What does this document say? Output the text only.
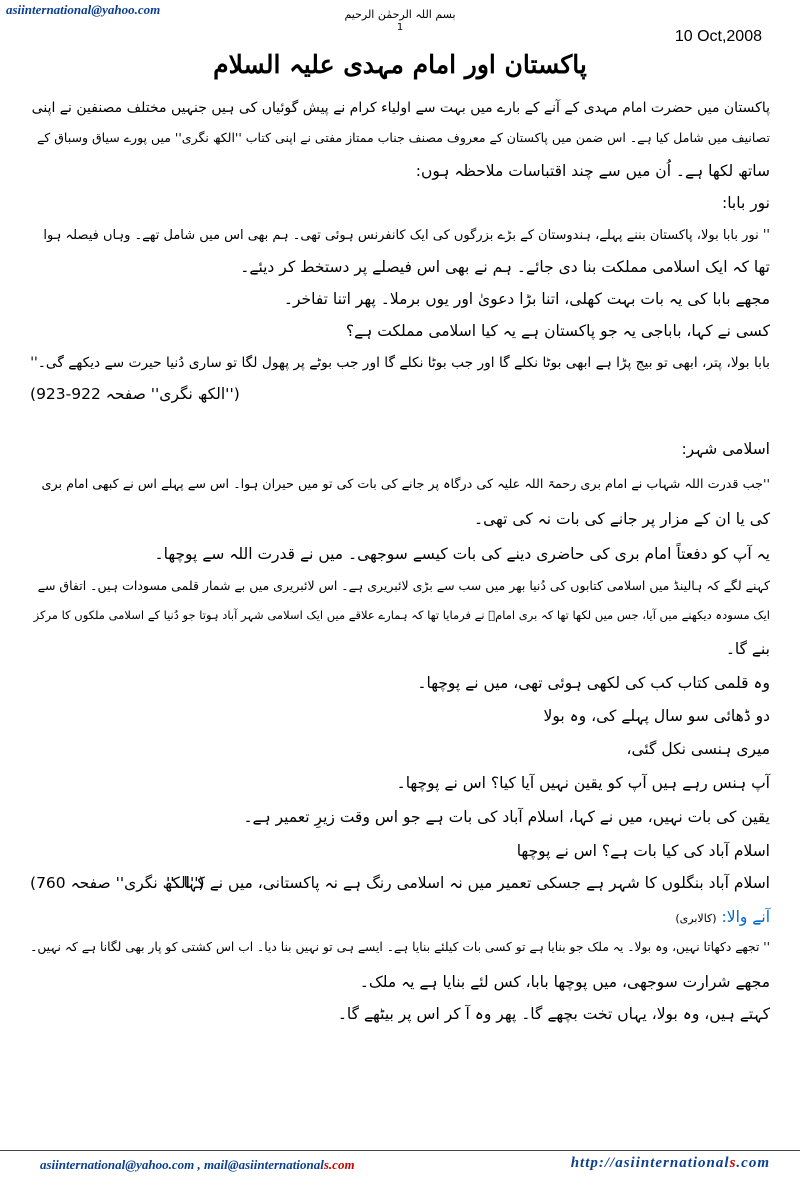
asiinternational@yahoo.com	بسم اللہ الرحمٰن الرحیم
1
10 Oct,2008
پاکستان اور امام مہدی علیہ السلام
پاکستان میں حضرت امام مہدی کے آنے کے بارے میں بہت سے اولیاء کرام نے پیش گوئیاں کی ہیں جنہیں مختلف مصنفین نے اپنی
تصانیف میں شامل کیا ہے۔ اس ضمن میں پاکستان کے معروف مصنف جناب ممتاز مفتی نے اپنی کتاب ''الکھ نگری'' میں پورے سیاق وسباق کے
ساتھ لکھا ہے۔ اُن میں سے چند اقتباسات ملاحظہ ہوں:
نور بابا:
'' نور بابا بولا، پاکستان بننے پہلے، ہندوستان کے بڑے بزرگوں کی ایک کانفرنس ہوئی تھی۔ ہم بھی اس میں شامل تھے۔ وہاں فیصلہ ہوا
تھا کہ ایک اسلامی مملکت بنا دی جائے۔ ہم نے بھی اس فیصلے پر دستخط کر دیئے۔
مجھے بابا کی یہ بات بہت کھلی، اتنا بڑا دعویٰ اور یوں برملا۔ پھر اتنا تفاخر۔
کسی نے کہا، باباجی یہ جو پاکستان ہے یہ کیا اسلامی مملکت ہے؟
بابا بولا، پتر، ابھی تو بیج پڑا ہے ابھی بوٹا نکلے گا اور جب بوٹا نکلے گا اور جب بوٹے پر پھول لگا تو ساری دُنیا حیرت سے دیکھے گی۔''
(''الکھ نگری'' صفحہ 922-923)
اسلامی شہر:
''جب قدرت اللہ شہاب نے امام بری رحمۃ اللہ علیہ کی درگاہ پر جانے کی بات کی تو میں حیران ہوا۔ اس سے پہلے اس نے کبھی امام بری
کی یا ان کے مزار پر جانے کی بات نہ کی تھی۔
یہ آپ کو دفعتاً امام بری کی حاضری دینے کی بات کیسے سوجھی۔ میں نے قدرت اللہ سے پوچھا۔
کہنے لگے کہ ہالینڈ میں اسلامی کتابوں کی دُنیا بھر میں سب سے بڑی لائبریری ہے۔ اس لائبریری میں بے شمار قلمی مسودات ہیں۔ اتفاق سے
ایک مسودہ دیکھنے میں آیا، جس میں لکھا تھا کہ بری امامؒ نے فرمایا تھا کہ ہمارے علاقے میں ایک اسلامی شہر آباد ہوتا جو دُنیا کے اسلامی ملکوں کا مرکز
بنے گا۔
وہ قلمی کتاب کب کی لکھی ہوئی تھی، میں نے پوچھا۔
دو ڈھائی سو سال پہلے کی، وہ بولا
میری ہنسی نکل گئی،
آپ ہنس رہے ہیں آپ کو یقین نہیں آیا کیا؟ اس نے پوچھا۔
یقین کی بات نہیں، میں نے کہا، اسلام آباد کی بات ہے جو اس وقت زیرِ تعمیر ہے۔
اسلام آباد کی کیا بات ہے؟ اس نے پوچھا
اسلام آباد بنگلوں کا شہر ہے جسکی تعمیر میں نہ اسلامی رنگ ہے نہ پاکستانی، میں نے کہا۔''
(''الکھ نگری'' صفحہ 760)
آنے والا: (کالابری)
'' تجھے دکھاتا نہیں، وہ بولا۔ یہ ملک جو بنایا ہے تو کسی بات کیلئے بنایا ہے۔ ایسے ہی تو نہیں بنا دیا۔ اب اس کشتی کو پار بھی لگانا ہے کہ نہیں۔
مجھے شرارت سوجھی، میں پوچھا بابا، کس لئے بنایا ہے یہ ملک۔
کہتے ہیں، وہ بولا، یہاں تخت بچھے گا۔ پھر وہ آ کر اس پر بیٹھے گا۔
asiinternational@yahoo.com , mail@asiinternationals.com	http://asiinternationals.com
